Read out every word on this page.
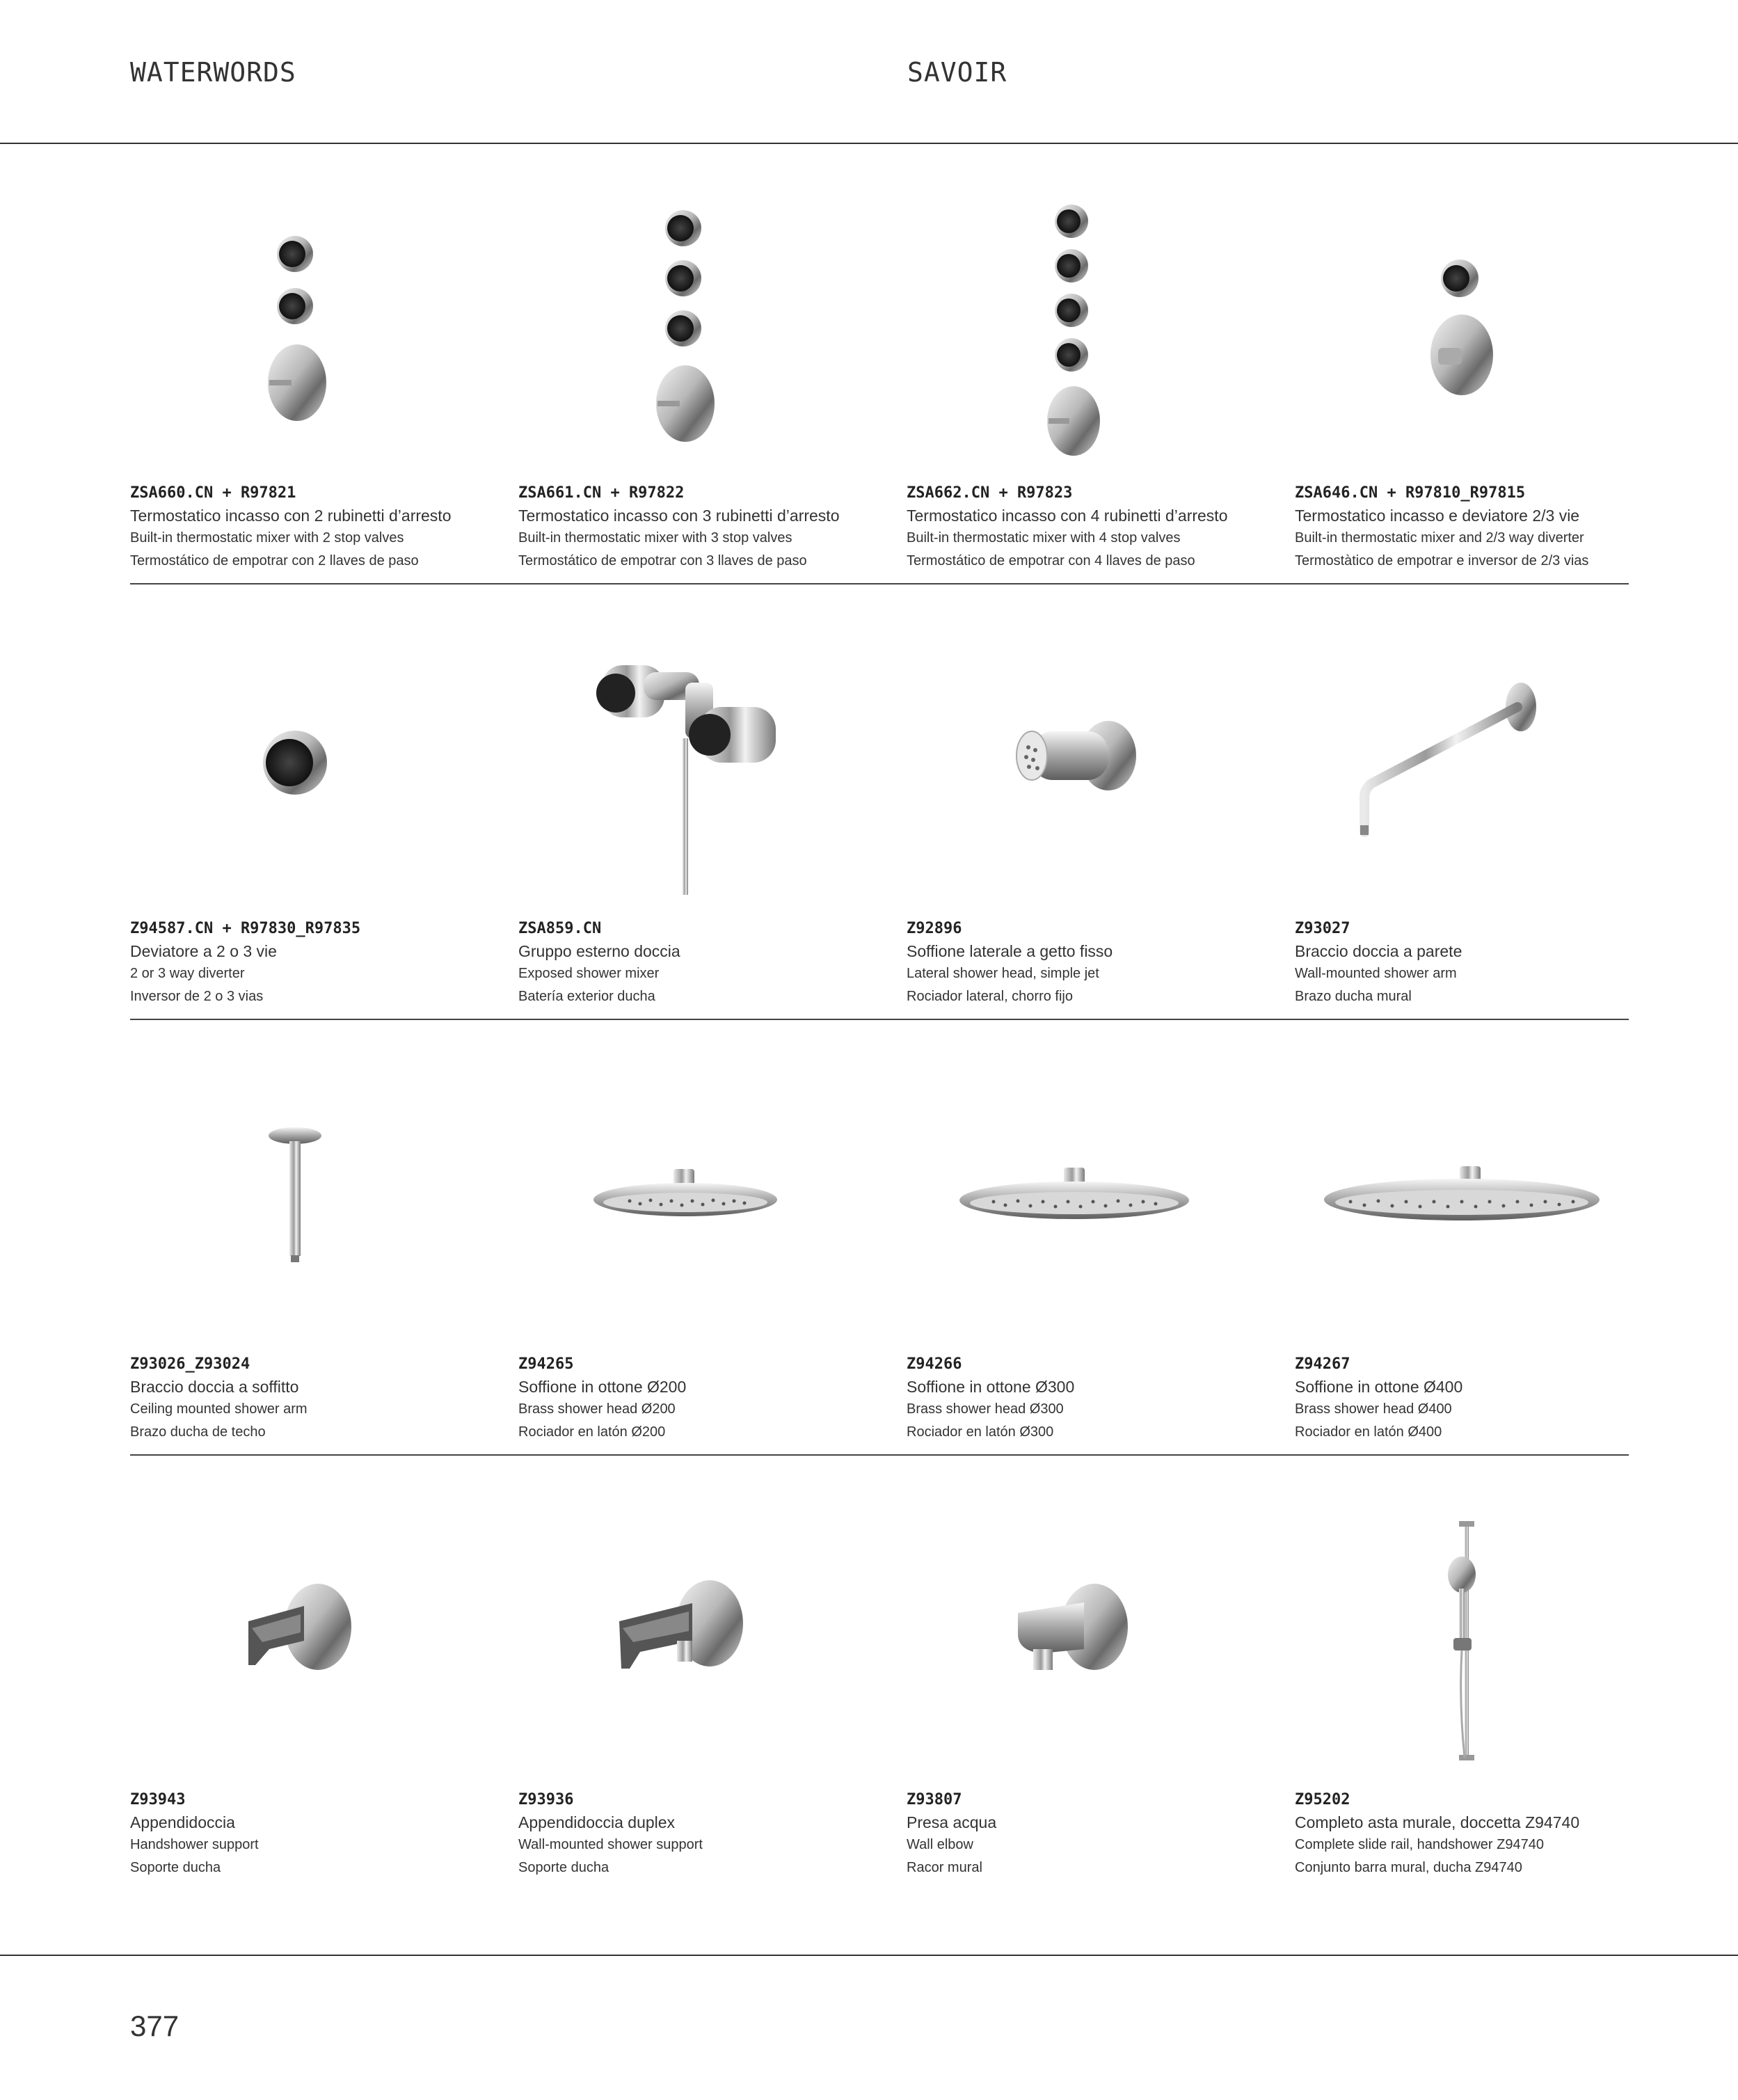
WATERWORDS	SAVOIR
ZSA660.CN + R97821
Termostatico incasso con 2 rubinetti d’arresto
Built-in thermostatic mixer with 2 stop valves
Termostático de empotrar con 2 llaves de paso
ZSA661.CN + R97822
Termostatico incasso con 3 rubinetti d’arresto
Built-in thermostatic mixer with 3 stop valves
Termostático de empotrar con 3 llaves de paso
ZSA662.CN + R97823
Termostatico incasso con 4 rubinetti d’arresto
Built-in thermostatic mixer with 4 stop valves
Termostático de empotrar con 4 llaves de paso
ZSA646.CN + R97810_R97815
Termostatico incasso e deviatore 2/3 vie
Built-in thermostatic mixer and 2/3 way diverter
Termostàtico de empotrar e inversor de 2/3 vias
Z94587.CN + R97830_R97835
Deviatore a 2 o 3 vie
2 or 3 way diverter
Inversor de 2 o 3 vias
ZSA859.CN
Gruppo esterno doccia
Exposed shower mixer
Batería exterior ducha
Z92896
Soffione laterale a getto fisso
Lateral shower head, simple jet
Rociador lateral, chorro fijo
Z93027
Braccio doccia a parete
Wall-mounted shower arm
Brazo ducha mural
Z93026_Z93024
Braccio doccia a soffitto
Ceiling mounted shower arm
Brazo ducha de techo
Z94265
Soffione in ottone Ø200
Brass shower head Ø200
Rociador en latón Ø200
Z94266
Soffione in ottone Ø300
Brass shower head Ø300
Rociador en latón Ø300
Z94267
Soffione in ottone Ø400
Brass shower head Ø400
Rociador en latón Ø400
Z93943
Appendidoccia
Handshower support
Soporte ducha
Z93936
Appendidoccia duplex
Wall-mounted shower support
Soporte ducha
Z93807
Presa acqua
Wall elbow
Racor mural
Z95202
Completo asta murale, doccetta Z94740
Complete slide rail, handshower Z94740
Conjunto barra mural, ducha Z94740
377
